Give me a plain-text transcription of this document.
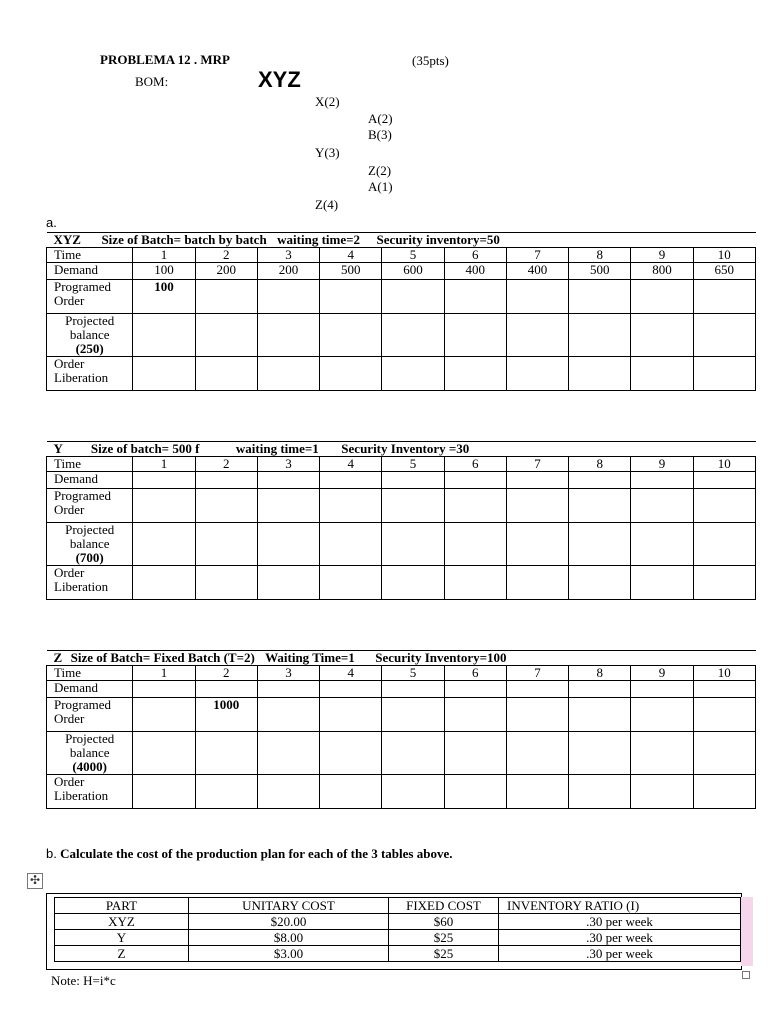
PROBLEMA 12 . MRP
BOM:	XYZ
(35pts)
X(2)
A(2)
B(3)
Y(3)
Z(2)
A(1)
Z(4)
a.
XYZ Size of Batch= batch by batch waiting time=2 Security inventory=50										
Time	1	2	3	4	5	6	7	8	9	10
Demand	100	200	200	500	600	400	400	500	800	650
Programed
Order	100									
Projected
balance
(250)										
Order
Liberation										
Y Size of batch= 500 f waiting time=1 Security Inventory =30										
Time	1	2	3	4	5	6	7	8	9	10
Demand										
Programed
Order										
Projected
balance
(700)										
Order
Liberation										
Z Size of Batch= Fixed Batch (T=2) Waiting Time=1 Security Inventory=100										
Time	1	2	3	4	5	6	7	8	9	10
Demand										
Programed
Order		1000								
Projected
balance
(4000)										
Order
Liberation										
b. Calculate the cost of the production plan for each of the 3 tables above.
✣
PART	UNITARY COST	FIXED COST	INVENTORY RATIO (I)
XYZ	$20.00	$60	.30 per week
Y	$8.00	$25	.30 per week
Z	$3.00	$25	.30 per week
Note: H=i*c
